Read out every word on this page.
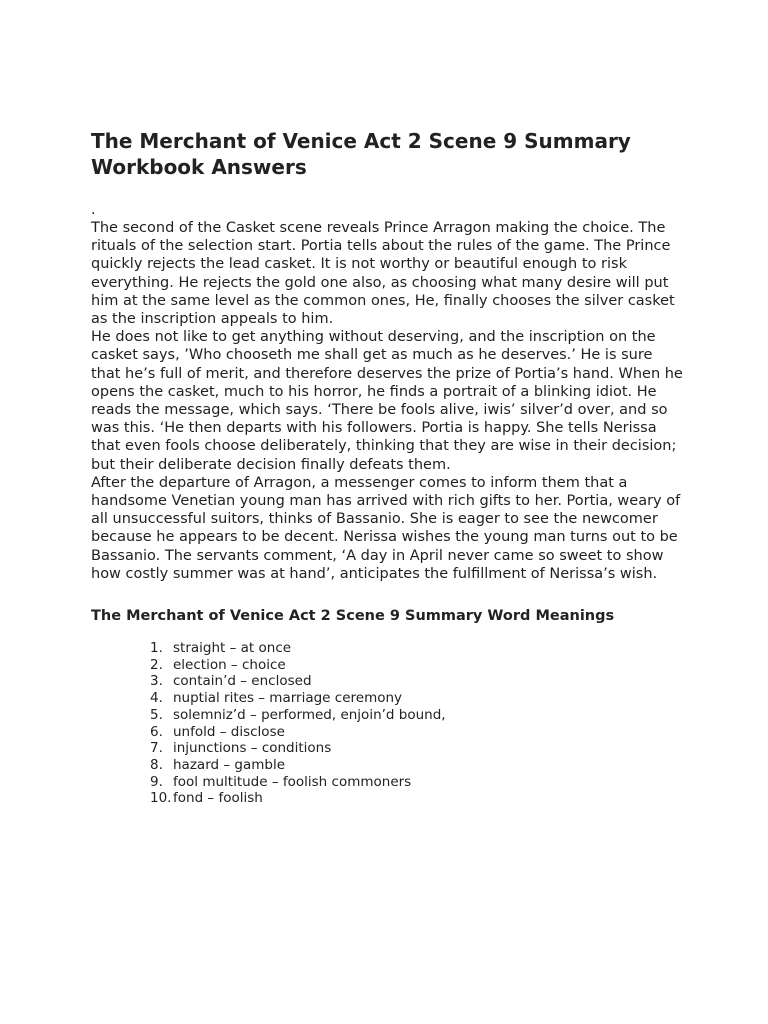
The Merchant of Venice Act 2 Scene 9 Summary Workbook Answers
.

The second of the Casket scene reveals Prince Arragon making the choice. The rituals of the selection start. Portia tells about the rules of the game. The Prince quickly rejects the lead casket. It is not worthy or beautiful enough to risk everything. He rejects the gold one also, as choosing what many desire will put him at the same level as the common ones, He, finally chooses the silver casket as the inscription appeals to him.

He does not like to get anything without deserving, and the inscription on the casket says, ’Who chooseth me shall get as much as he deserves.’ He is sure that he’s full of merit, and therefore deserves the prize of Portia’s hand. When he opens the casket, much to his horror, he finds a portrait of a blinking idiot. He reads the message, which says. ‘There be fools alive, iwis’ silver’d over, and so was this. ‘He then departs with his followers. Portia is happy. She tells Nerissa that even fools choose deliberately, thinking that they are wise in their decision; but their deliberate decision finally defeats them.

After the departure of Arragon, a messenger comes to inform them that a handsome Venetian young man has arrived with rich gifts to her. Portia, weary of all unsuccessful suitors, thinks of Bassanio. She is eager to see the newcomer because he appears to be decent. Nerissa wishes the young man turns out to be Bassanio. The servants comment, ‘A day in April never came so sweet to show how costly summer was at hand’, anticipates the fulfillment of Nerissa’s wish.

The Merchant of Venice Act 2 Scene 9 Summary Word Meanings
1. straight – at once
2. election – choice
3. contain’d – enclosed
4. nuptial rites – marriage ceremony
5. solemniz’d – performed, enjoin’d bound,
6. unfold – disclose
7. injunctions – conditions
8. hazard – gamble
9. fool multitude – foolish commoners
10. fond – foolish
